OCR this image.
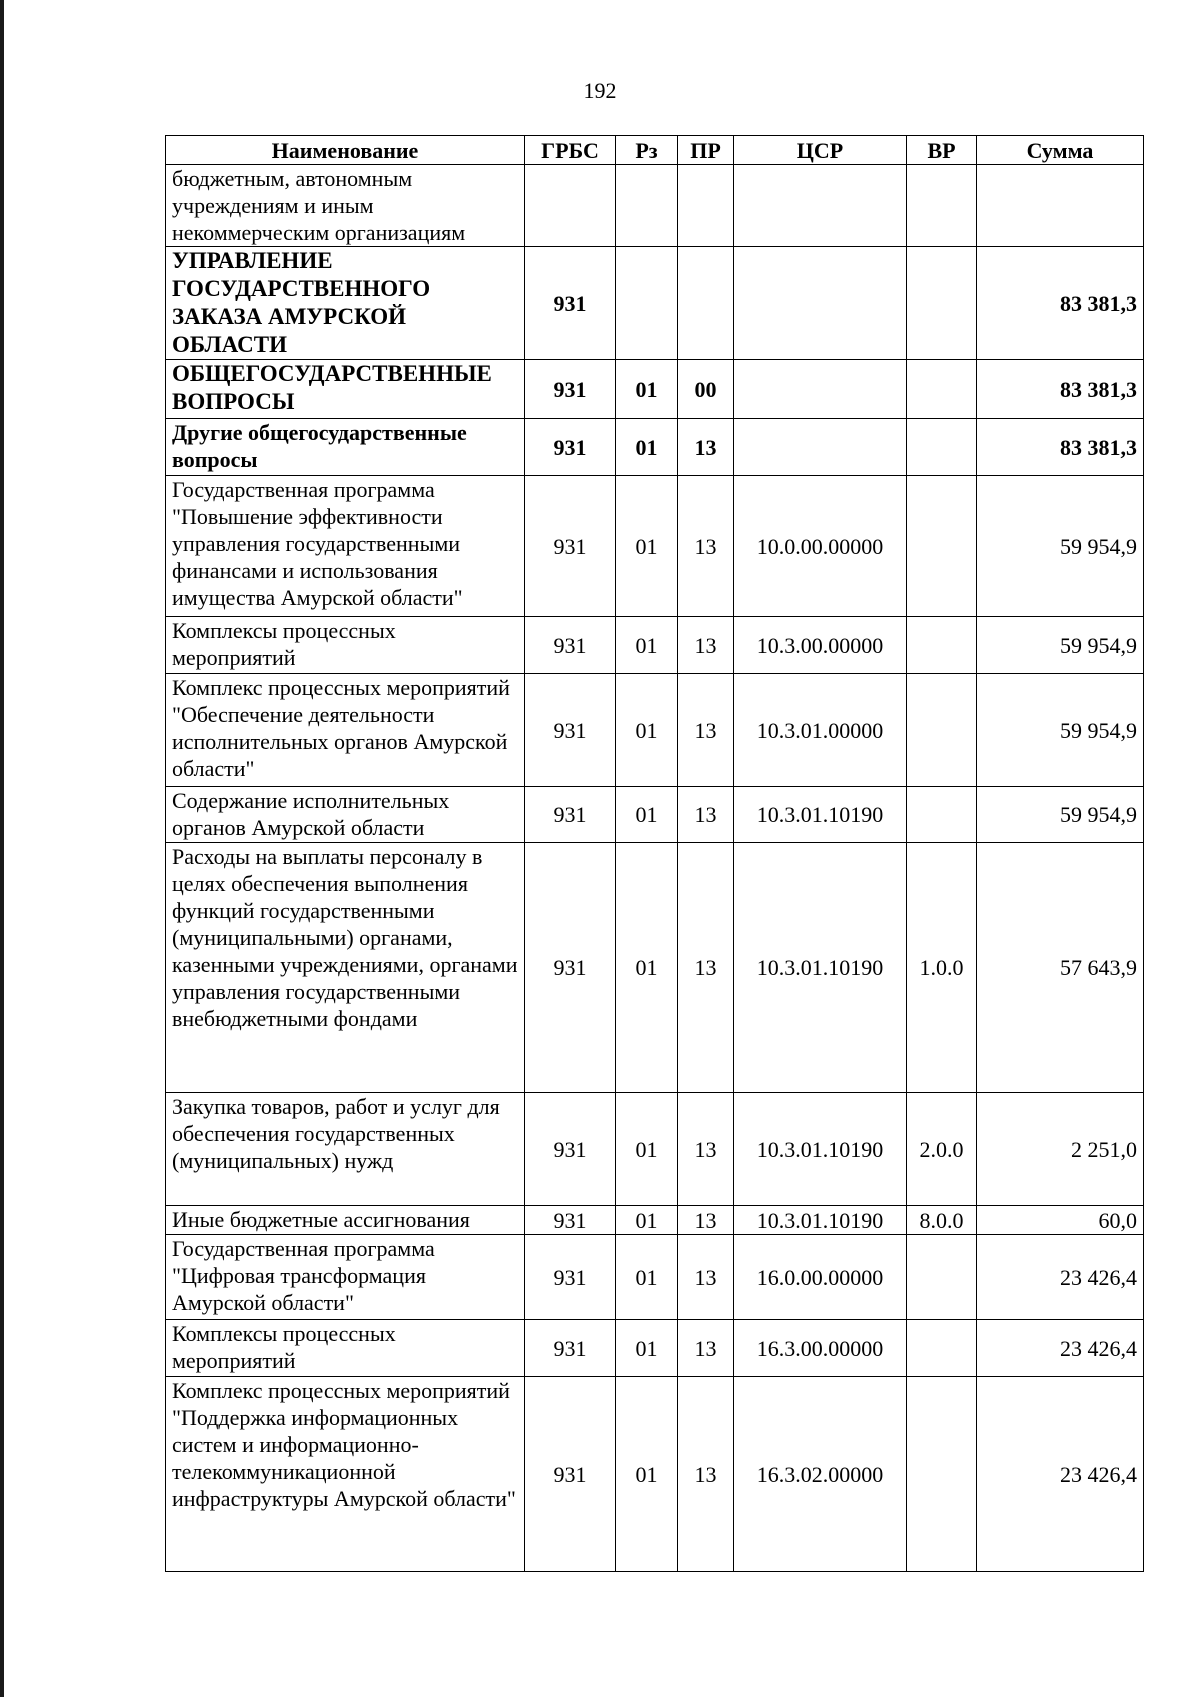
192
Наименование	ГРБС	Рз	ПР	ЦСР	ВР	Сумма
бюджетным, автономным учреждениям и иным некоммерческим организациям						
УПРАВЛЕНИЕ ГОСУДАРСТВЕННОГО ЗАКАЗА АМУРСКОЙ ОБЛАСТИ	931					83 381,3
ОБЩЕГОСУДАРСТВЕННЫЕ ВОПРОСЫ	931	01	00			83 381,3
Другие общегосударственные вопросы	931	01	13			83 381,3
Государственная программа "Повышение эффективности управления государственными финансами и использования имущества Амурской области"	931	01	13	10.0.00.00000		59 954,9
Комплексы процессных мероприятий	931	01	13	10.3.00.00000		59 954,9
Комплекс процессных мероприятий "Обеспечение деятельности исполнительных органов Амурской области"	931	01	13	10.3.01.00000		59 954,9
Содержание исполнительных органов Амурской области	931	01	13	10.3.01.10190		59 954,9
Расходы на выплаты персоналу в целях обеспечения выполнения функций государственными (муниципальными) органами, казенными учреждениями, органами управления государственными внебюджетными фондами	931	01	13	10.3.01.10190	1.0.0	57 643,9
Закупка товаров, работ и услуг для обеспечения государственных (муниципальных) нужд	931	01	13	10.3.01.10190	2.0.0	2 251,0
Иные бюджетные ассигнования	931	01	13	10.3.01.10190	8.0.0	60,0
Государственная программа "Цифровая трансформация Амурской области"	931	01	13	16.0.00.00000		23 426,4
Комплексы процессных мероприятий	931	01	13	16.3.00.00000		23 426,4
Комплекс процессных мероприятий "Поддержка информационных систем и информационно-телекоммуникационной инфраструктуры Амурской области"	931	01	13	16.3.02.00000		23 426,4
